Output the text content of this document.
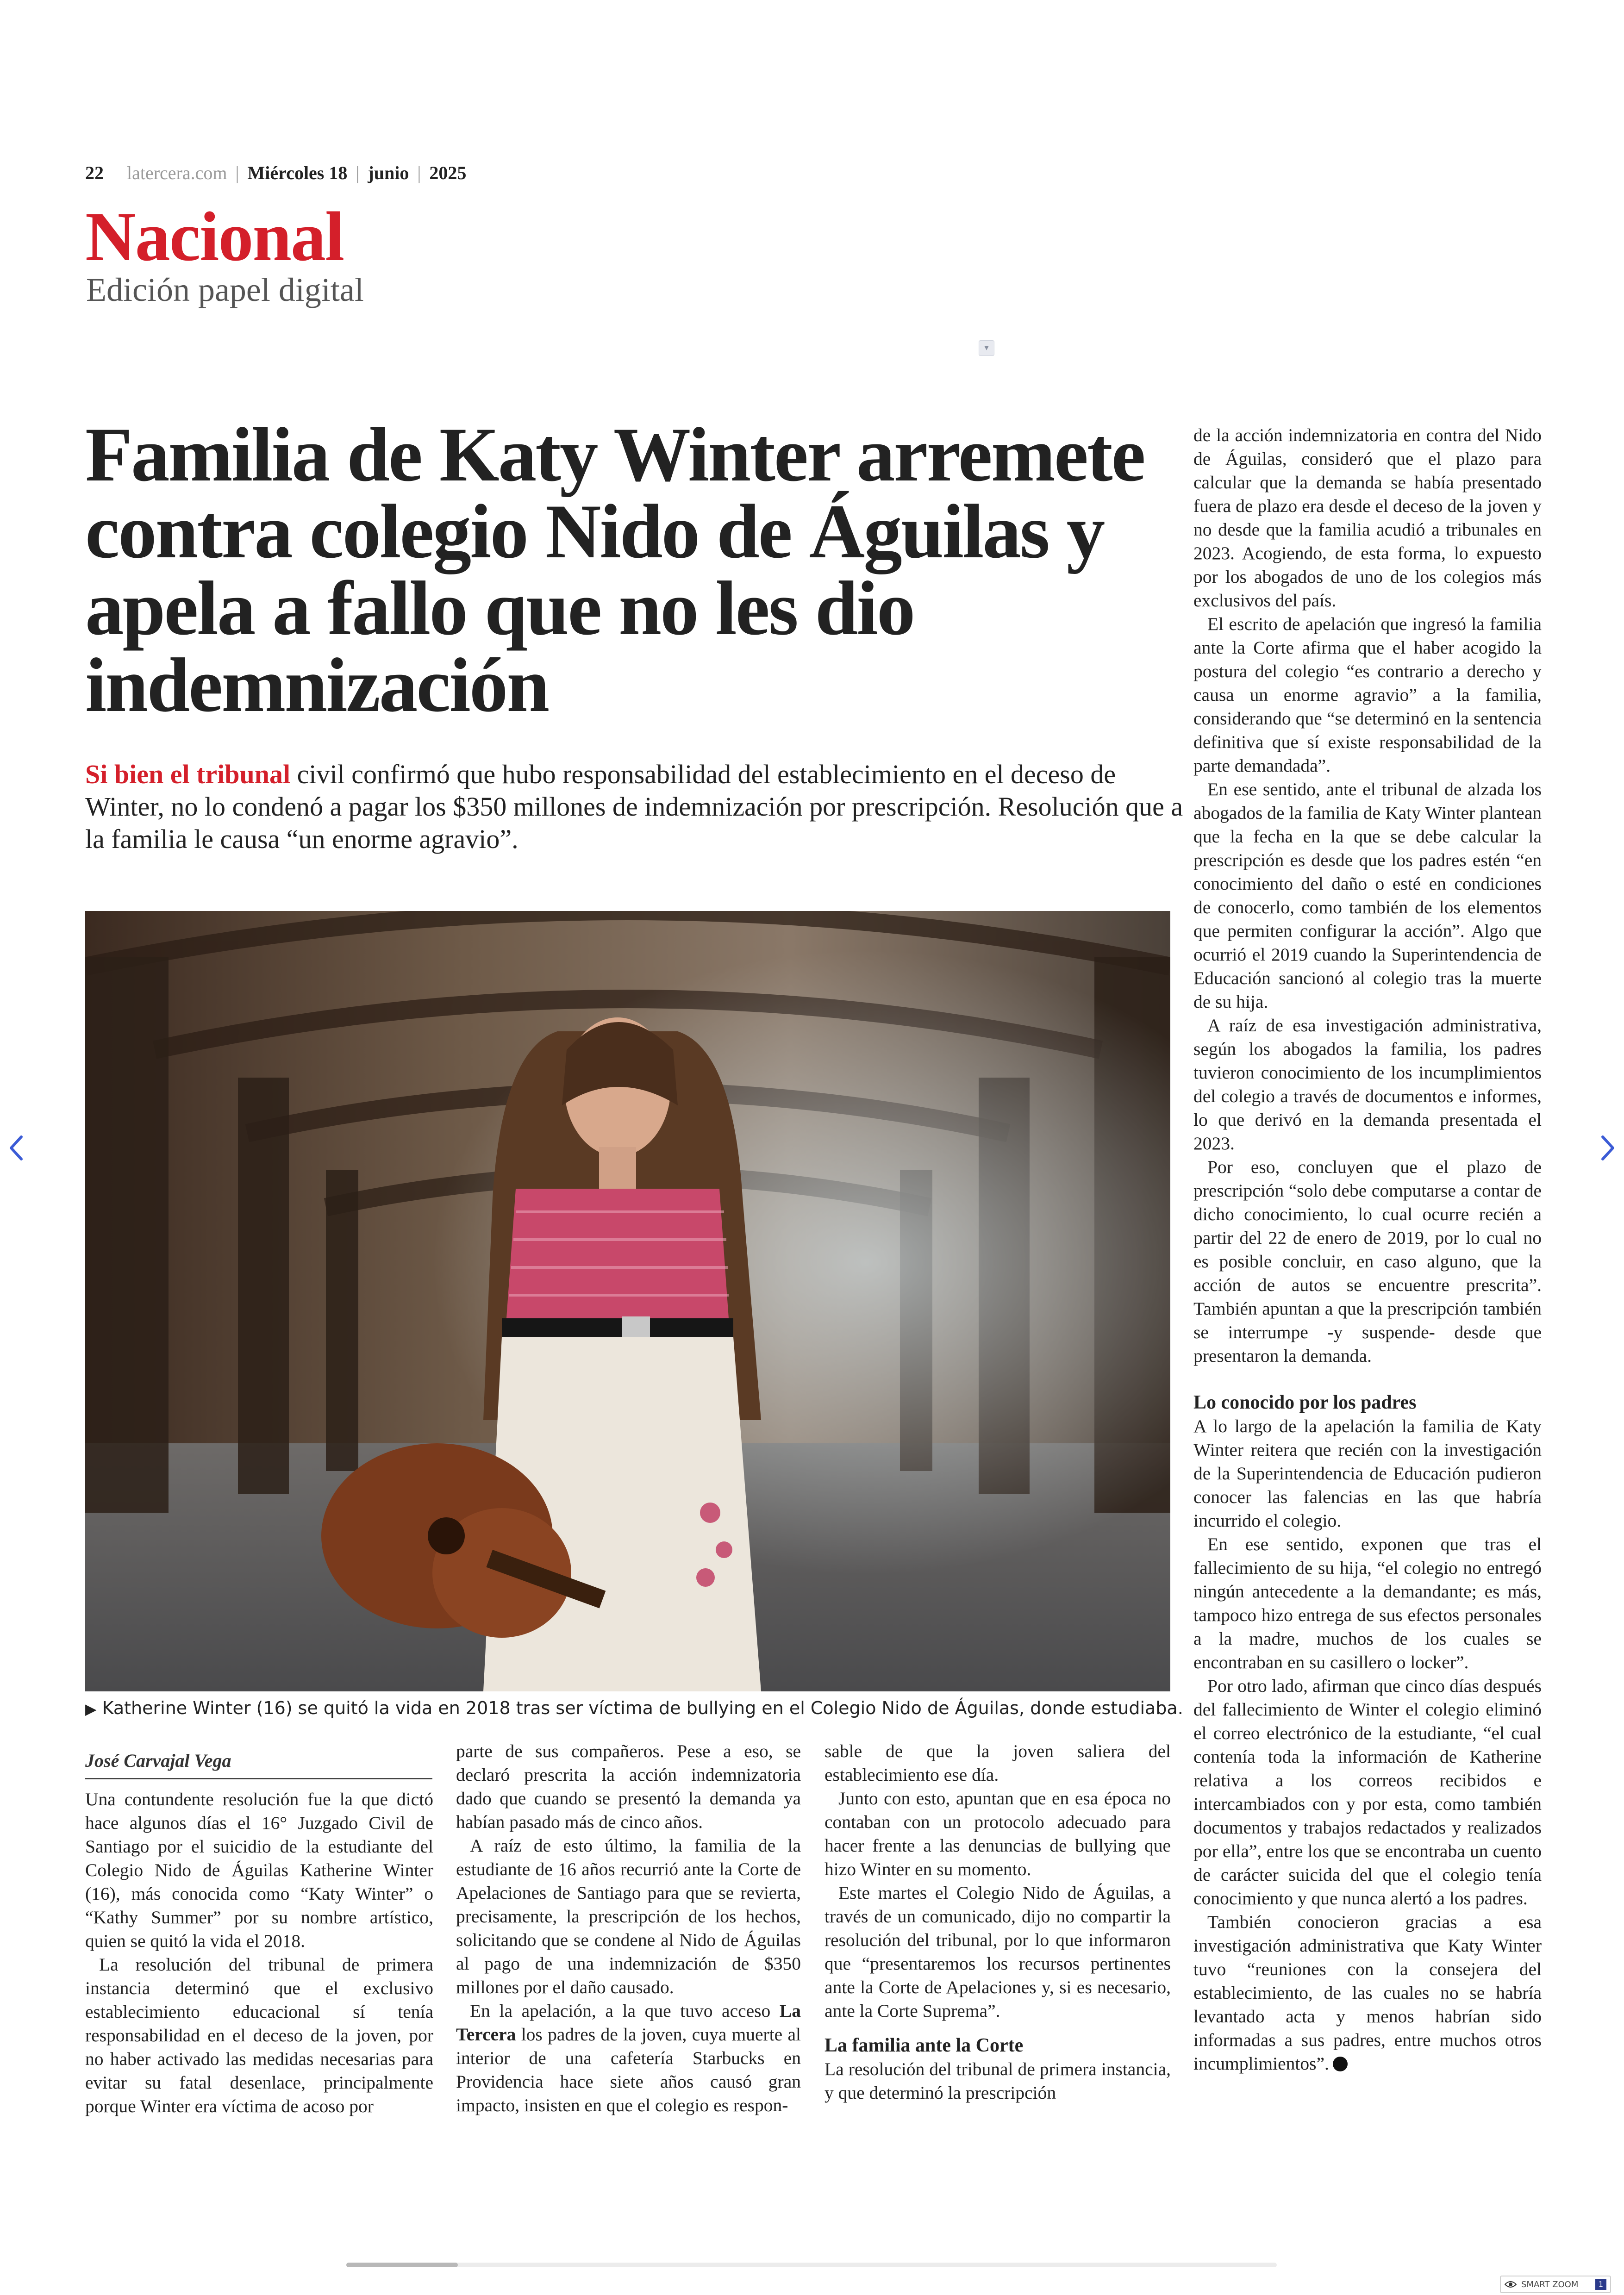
22 latercera.com | Miércoles 18 | junio | 2025
Nacional
Edición papel digital
▾
Familia de Katy Winter arremete contra colegio Nido de Águilas y apela a fallo que no les dio indemnización

Si bien el tribunal civil confirmó que hubo responsabilidad del establecimiento en el deceso de Winter, no lo condenó a pagar los $350 millones de indemnización por prescripción. Resolución que a la familia le causa “un enorme agravio”.

▶ Katherine Winter (16) se quitó la vida en 2018 tras ser víctima de bullying en el Colegio Nido de Águilas, donde estudiaba.
José Carvajal Vega

Una contundente resolución fue la que dictó hace algunos días el 16° Juzgado Civil de Santiago por el suicidio de la estudiante del Colegio Nido de Águilas Katherine Winter (16), más conocida como “Katy Winter” o “Kathy Summer” por su nombre artístico, quien se quitó la vida el 2018.

La resolución del tribunal de primera instancia determinó que el exclusivo establecimiento educacional sí tenía responsabilidad en el deceso de la joven, por no haber activado las medidas necesarias para evitar su fatal desenlace, principalmente porque Winter era víctima de acoso por

parte de sus compañeros. Pese a eso, se declaró prescrita la acción indemnizatoria dado que cuando se presentó la demanda ya habían pasado más de cinco años.

A raíz de esto último, la familia de la estudiante de 16 años recurrió ante la Corte de Apelaciones de Santiago para que se revierta, precisamente, la prescripción de los hechos, solicitando que se condene al Nido de Águilas al pago de una indemnización de $350 millones por el daño causado.

En la apelación, a la que tuvo acceso La Tercera los padres de la joven, cuya muerte al interior de una cafetería Starbucks en Providencia hace siete años causó gran impacto, insisten en que el colegio es respon-

sable de que la joven saliera del establecimiento ese día.

Junto con esto, apuntan que en esa época no contaban con un protocolo adecuado para hacer frente a las denuncias de bullying que hizo Winter en su momento.

Este martes el Colegio Nido de Águilas, a través de un comunicado, dijo no compartir la resolución del tribunal, por lo que informaron que “presentaremos los recursos pertinentes ante la Corte de Apelaciones y, si es necesario, ante la Corte Suprema”.

La familia ante la Corte

La resolución del tribunal de primera instancia, y que determinó la prescripción

de la acción indemnizatoria en contra del Nido de Águilas, consideró que el plazo para calcular que la demanda se había presentado fuera de plazo era desde el deceso de la joven y no desde que la familia acudió a tribunales en 2023. Acogiendo, de esta forma, lo expuesto por los abogados de uno de los colegios más exclusivos del país.

El escrito de apelación que ingresó la familia ante la Corte afirma que el haber acogido la postura del colegio “es contrario a derecho y causa un enorme agravio” a la familia, considerando que “se determinó en la sentencia definitiva que sí existe responsabilidad de la parte demandada”.

En ese sentido, ante el tribunal de alzada los abogados de la familia de Katy Winter plantean que la fecha en la que se debe calcular la prescripción es desde que los padres estén “en conocimiento del daño o esté en condiciones de conocerlo, como también de los elementos que permiten configurar la acción”. Algo que ocurrió el 2019 cuando la Superintendencia de Educación sancionó al colegio tras la muerte de su hija.

A raíz de esa investigación administrativa, según los abogados la familia, los padres tuvieron conocimiento de los incumplimientos del colegio a través de documentos e informes, lo que derivó en la demanda presentada el 2023.

Por eso, concluyen que el plazo de prescripción “solo debe computarse a contar de dicho conocimiento, lo cual ocurre recién a partir del 22 de enero de 2019, por lo cual no es posible concluir, en caso alguno, que la acción de autos se encuentre prescrita”. También apuntan a que la prescripción también se interrumpe -y suspende- desde que presentaron la demanda.

Lo conocido por los padres

A lo largo de la apelación la familia de Katy Winter reitera que recién con la investigación de la Superintendencia de Educación pudieron conocer las falencias en las que habría incurrido el colegio.

En ese sentido, exponen que tras el fallecimiento de su hija, “el colegio no entregó ningún antecedente a la demandante; es más, tampoco hizo entrega de sus efectos personales a la madre, muchos de los cuales se encontraban en su casillero o locker”.

Por otro lado, afirman que cinco días después del fallecimiento de Winter el colegio eliminó el correo electrónico de la estudiante, “el cual contenía toda la información de Katherine relativa a los correos recibidos e intercambiados con y por esta, como también documentos y trabajos redactados y realizados por ella”, entre los que se encontraba un cuento de carácter suicida del que el colegio tenía conocimiento y que nunca alertó a los padres.

También conocieron gracias a esa investigación administrativa que Katy Winter tuvo “reuniones con la consejera del establecimiento, de las cuales no se habría levantado acta y menos habrían sido informadas a sus padres, entre muchos otros incumplimientos”.

SMART ZOOM	1
